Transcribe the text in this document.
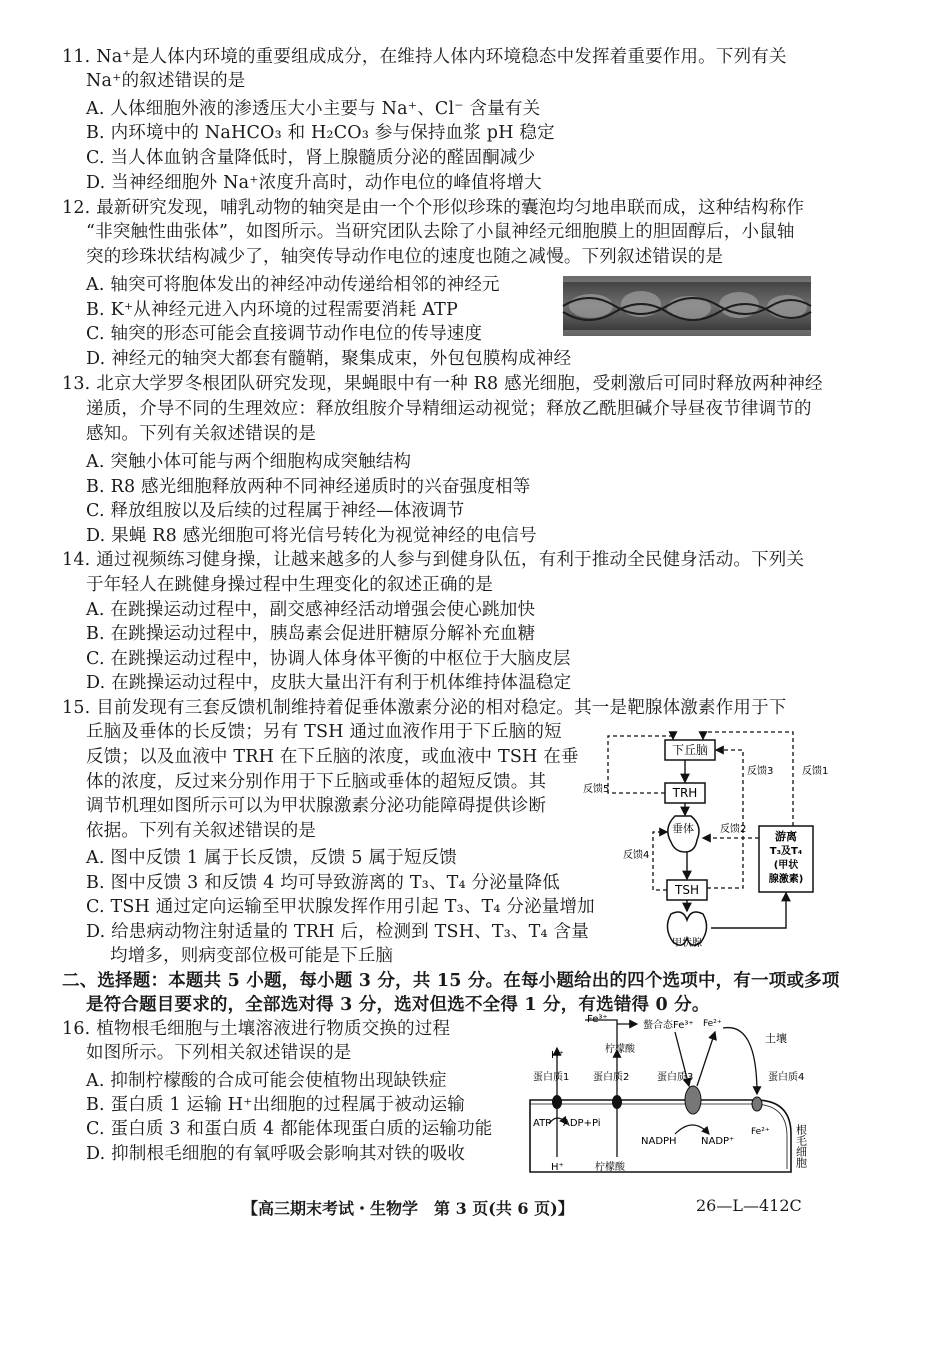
11. Na⁺是人体内环境的重要组成成分，在维持人体内环境稳态中发挥着重要作用。下列有关
Na⁺的叙述错误的是
A. 人体细胞外液的渗透压大小主要与 Na⁺、Cl⁻ 含量有关
B. 内环境中的 NaHCO₃ 和 H₂CO₃ 参与保持血浆 pH 稳定
C. 当人体血钠含量降低时，肾上腺髓质分泌的醛固酮减少
D. 当神经细胞外 Na⁺浓度升高时，动作电位的峰值将增大
12. 最新研究发现，哺乳动物的轴突是由一个个形似珍珠的囊泡均匀地串联而成，这种结构称作
“非突触性曲张体”，如图所示。当研究团队去除了小鼠神经元细胞膜上的胆固醇后，小鼠轴
突的珍珠状结构减少了，轴突传导动作电位的速度也随之减慢。下列叙述错误的是
A. 轴突可将胞体发出的神经冲动传递给相邻的神经元
B. K⁺从神经元进入内环境的过程需要消耗 ATP
C. 轴突的形态可能会直接调节动作电位的传导速度
D. 神经元的轴突大都套有髓鞘，聚集成束，外包包膜构成神经
13. 北京大学罗冬根团队研究发现，果蝇眼中有一种 R8 感光细胞，受刺激后可同时释放两种神经
递质，介导不同的生理效应：释放组胺介导精细运动视觉；释放乙酰胆碱介导昼夜节律调节的
感知。下列有关叙述错误的是
A. 突触小体可能与两个细胞构成突触结构
B. R8 感光细胞释放两种不同神经递质时的兴奋强度相等
C. 释放组胺以及后续的过程属于神经—体液调节
D. 果蝇 R8 感光细胞可将光信号转化为视觉神经的电信号
14. 通过视频练习健身操，让越来越多的人参与到健身队伍，有利于推动全民健身活动。下列关
于年轻人在跳健身操过程中生理变化的叙述正确的是
A. 在跳操运动过程中，副交感神经活动增强会使心跳加快
B. 在跳操运动过程中，胰岛素会促进肝糖原分解补充血糖
C. 在跳操运动过程中，协调人体身体平衡的中枢位于大脑皮层
D. 在跳操运动过程中，皮肤大量出汗有利于机体维持体温稳定
15. 目前发现有三套反馈机制维持着促垂体激素分泌的相对稳定。其一是靶腺体激素作用于下
丘脑及垂体的长反馈；另有 TSH 通过血液作用于下丘脑的短
反馈；以及血液中 TRH 在下丘脑的浓度，或血液中 TSH 在垂
体的浓度，反过来分别作用于下丘脑或垂体的超短反馈。其
调节机理如图所示可以为甲状腺激素分泌功能障碍提供诊断
依据。下列有关叙述错误的是
A. 图中反馈 1 属于长反馈，反馈 5 属于短反馈
B. 图中反馈 3 和反馈 4 均可导致游离的 T₃、T₄ 分泌量降低
C. TSH 通过定向运输至甲状腺发挥作用引起 T₃、T₄ 分泌量增加
D. 给患病动物注射适量的 TRH 后，检测到 TSH、T₃、T₄ 含量
均增多，则病变部位极可能是下丘脑
下丘脑
TRH
垂体
TSH
甲状腺
游离
T₃及T₄
(甲状
腺激素)
反馈1
反馈2
反馈3
反馈4
反馈5
二、选择题：本题共 5 小题，每小题 3 分，共 15 分。在每小题给出的四个选项中，有一项或多项
是符合题目要求的，全部选对得 3 分，选对但选不全得 1 分，有选错得 0 分。
16. 植物根毛细胞与土壤溶液进行物质交换的过程
如图所示。下列相关叙述错误的是
A. 抑制柠檬酸的合成可能会使植物出现缺铁症
B. 蛋白质 1 运输 H⁺出细胞的过程属于被动运输
C. 蛋白质 3 和蛋白质 4 都能体现蛋白质的运输功能
D. 抑制根毛细胞的有氧呼吸会影响其对铁的吸收
Fe³⁺
螯合态Fe³⁺ Fe²⁺
土壤
H⁺
柠檬酸
蛋白质1 蛋白质2	蛋白质3	蛋白质4
ATP ADP+Pi
NADPH NADP⁺
Fe²⁺
H⁺	柠檬酸	根毛细胞
【高三期末考试・生物学　第 3 页(共 6 页)】	26—L—412C
